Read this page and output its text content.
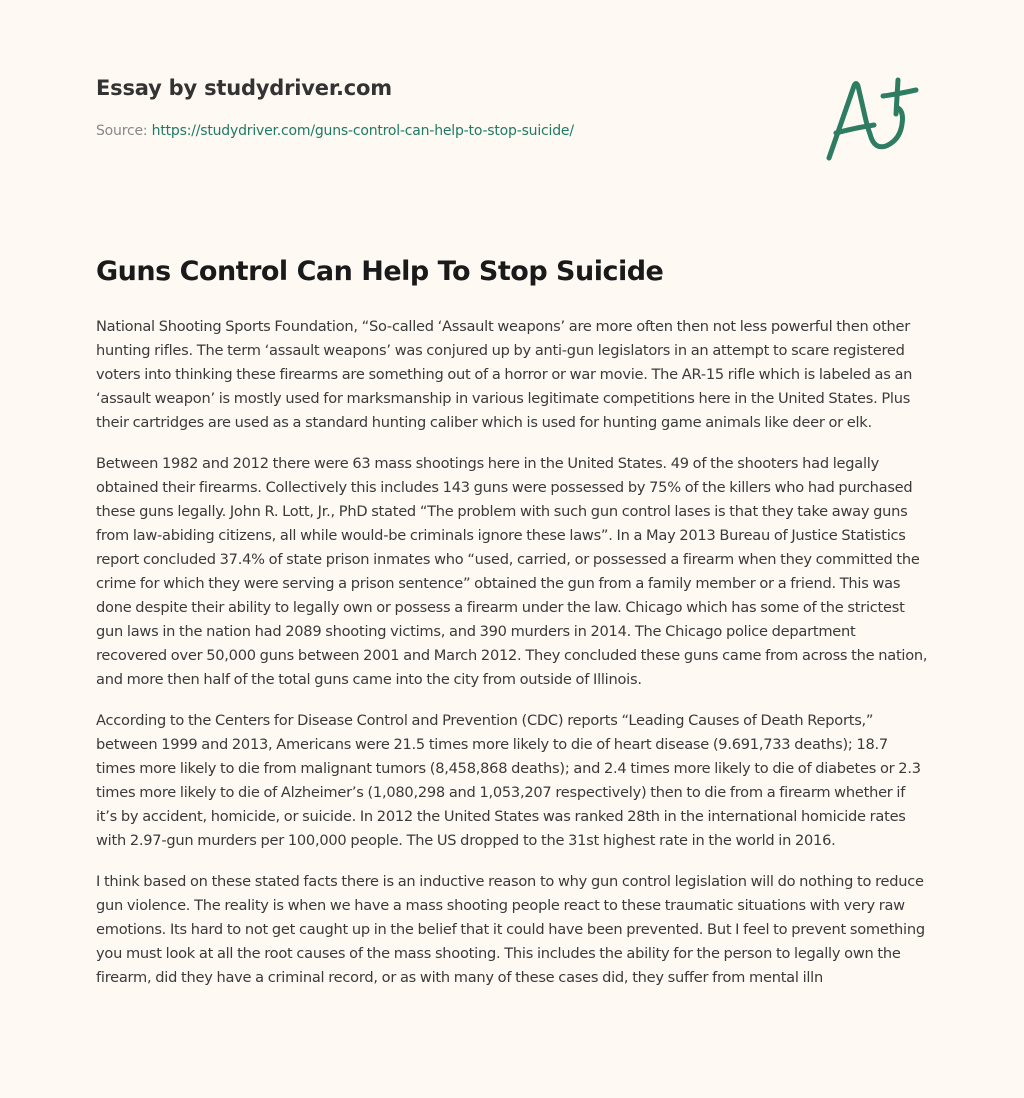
Essay by studydriver.com
Source: https://studydriver.com/guns-control-can-help-to-stop-suicide/
Guns Control Can Help To Stop Suicide

National Shooting Sports Foundation, “So-called ‘Assault weapons’ are more often then not less powerful then other hunting rifles. The term ‘assault weapons’ was conjured up by anti-gun legislators in an attempt to scare registered voters into thinking these firearms are something out of a horror or war movie. The AR-15 rifle which is labeled as an ‘assault weapon’ is mostly used for marksmanship in various legitimate competitions here in the United States. Plus their cartridges are used as a standard hunting caliber which is used for hunting game animals like deer or elk.

Between 1982 and 2012 there were 63 mass shootings here in the United States. 49 of the shooters had legally obtained their firearms. Collectively this includes 143 guns were possessed by 75% of the killers who had purchased these guns legally. John R. Lott, Jr., PhD stated “The problem with such gun control lases is that they take away guns from law-abiding citizens, all while would-be criminals ignore these laws”. In a May 2013 Bureau of Justice Statistics report concluded 37.4% of state prison inmates who “used, carried, or possessed a firearm when they committed the crime for which they were serving a prison sentence” obtained the gun from a family member or a friend. This was done despite their ability to legally own or possess a firearm under the law. Chicago which has some of the strictest gun laws in the nation had 2089 shooting victims, and 390 murders in 2014. The Chicago police department recovered over 50,000 guns between 2001 and March 2012. They concluded these guns came from across the nation, and more then half of the total guns came into the city from outside of Illinois.

According to the Centers for Disease Control and Prevention (CDC) reports “Leading Causes of Death Reports,” between 1999 and 2013, Americans were 21.5 times more likely to die of heart disease (9.691,733 deaths); 18.7 times more likely to die from malignant tumors (8,458,868 deaths); and 2.4 times more likely to die of diabetes or 2.3 times more likely to die of Alzheimer’s (1,080,298 and 1,053,207 respectively) then to die from a firearm whether if it’s by accident, homicide, or suicide. In 2012 the United States was ranked 28th in the international homicide rates with 2.97-gun murders per 100,000 people. The US dropped to the 31st highest rate in the world in 2016.

I think based on these stated facts there is an inductive reason to why gun control legislation will do nothing to reduce gun violence. The reality is when we have a mass shooting people react to these traumatic situations with very raw emotions. Its hard to not get caught up in the belief that it could have been prevented. But I feel to prevent something you must look at all the root causes of the mass shooting. This includes the ability for the person to legally own the firearm, did they have a criminal record, or as with many of these cases did, they suffer from mental illn
